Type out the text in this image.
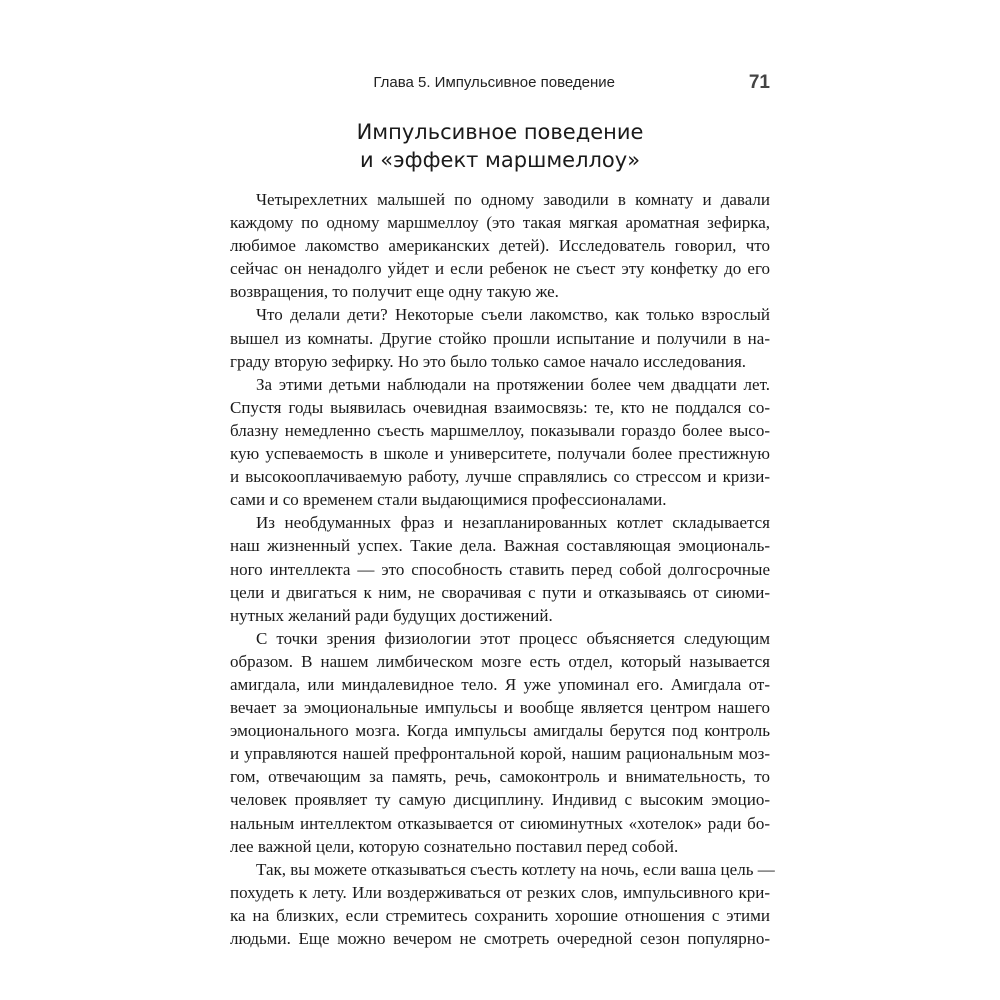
Глава 5. Импульсивное поведение	71
Импульсивное поведение
и «эффект маршмеллоу»
Четырехлетних малышей по одному заводили в комнату и давали
каждому по одному маршмеллоу (это такая мягкая ароматная зефирка,
любимое лакомство американских детей). Исследователь говорил, что
сейчас он ненадолго уйдет и если ребенок не съест эту конфетку до его
возвращения, то получит еще одну такую же.
Что делали дети? Некоторые съели лакомство, как только взрослый
вышел из комнаты. Другие стойко прошли испытание и получили в на-
граду вторую зефирку. Но это было только самое начало исследования.
За этими детьми наблюдали на протяжении более чем двадцати лет.
Спустя годы выявилась очевидная взаимосвязь: те, кто не поддался со-
блазну немедленно съесть маршмеллоу, показывали гораздо более высо-
кую успеваемость в школе и университете, получали более престижную
и высокооплачиваемую работу, лучше справлялись со стрессом и кризи-
сами и со временем стали выдающимися профессионалами.
Из необдуманных фраз и незапланированных котлет складывается
наш жизненный успех. Такие дела. Важная составляющая эмоциональ-
ного интеллекта — это способность ставить перед собой долгосрочные
цели и двигаться к ним, не сворачивая с пути и отказываясь от сиюми-
нутных желаний ради будущих достижений.
С точки зрения физиологии этот процесс объясняется следующим
образом. В нашем лимбическом мозге есть отдел, который называется
амигдала, или миндалевидное тело. Я уже упоминал его. Амигдала от-
вечает за эмоциональные импульсы и вообще является центром нашего
эмоционального мозга. Когда импульсы амигдалы берутся под контроль
и управляются нашей префронтальной корой, нашим рациональным моз-
гом, отвечающим за память, речь, самоконтроль и внимательность, то
человек проявляет ту самую дисциплину. Индивид с высоким эмоцио-
нальным интеллектом отказывается от сиюминутных «хотелок» ради бо-
лее важной цели, которую сознательно поставил перед собой.
Так, вы можете отказываться съесть котлету на ночь, если ваша цель —
похудеть к лету. Или воздерживаться от резких слов, импульсивного кри-
ка на близких, если стремитесь сохранить хорошие отношения с этими
людьми. Еще можно вечером не смотреть очередной сезон популярно-
